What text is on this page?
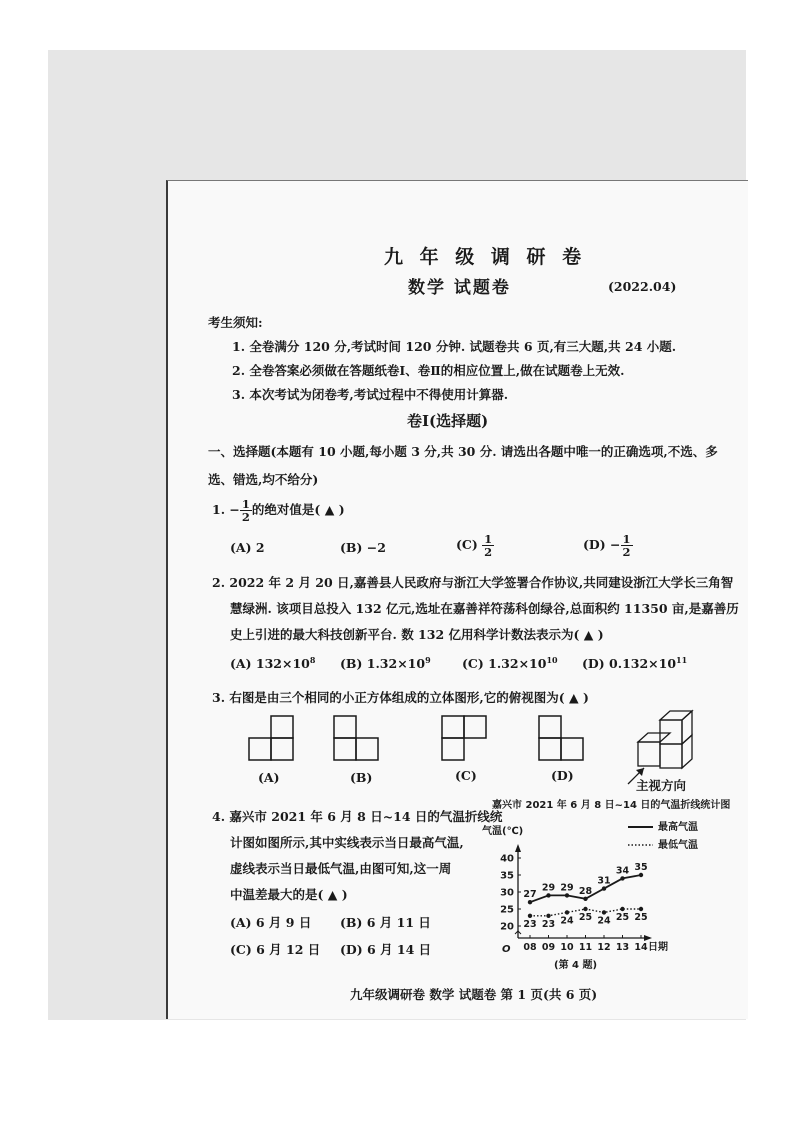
九 年 级 调 研 卷
数学 试题卷	(2022.04)
考生须知:
1. 全卷满分 120 分,考试时间 120 分钟. 试题卷共 6 页,有三大题,共 24 小题.
2. 全卷答案必须做在答题纸卷Ⅰ、卷Ⅱ的相应位置上,做在试题卷上无效.
3. 本次考试为闭卷考,考试过程中不得使用计算器.
卷Ⅰ(选择题)
一、选择题(本题有 10 小题,每小题 3 分,共 30 分. 请选出各题中唯一的正确选项,不选、多
选、错选,均不给分)
1. − $\frac{1}{2}$ 的绝对值是( ▲ )
(A) 2	(B) −2	$(C) \frac{1}{2}$	$(D) - \frac{1}{2}$
2. 2022 年 2 月 20 日,嘉善县人民政府与浙江大学签署合作协议,共同建设浙江大学长三角智
慧绿洲. 该项目总投入 132 亿元,选址在嘉善祥符荡科创绿谷,总面积约 11350 亩,是嘉善历
史上引进的最大科技创新平台. 数 132 亿用科学计数法表示为( ▲ )
(A) $132\times 10^8$ (B) $1.32\times 10^9$	(C) $1.32\times 10^{10}$ (D) $0.132\times 10^{11}$
3. 右图是由三个相同的小正方体组成的立体图形,它的俯视图为( ▲ )
(A)	(B)	(C)	(D)
主视方向
4. 嘉兴市 2021 年 6 月 8 日~14 日的气温折线统
计图如图所示,其中实线表示当日最高气温,
虚线表示当日最低气温,由图可知,这一周
中温差最大的是( ▲ )
(A) 6 月 9 日 (B) 6 月 11 日
(C) 6 月 12 日 (D) 6 月 14 日
嘉兴市 2021 年 6 月 8 日~14 日的气温折线统计图
气温(℃)	最高气温
最低气温
O	日期
(第 4 题)
20
25
30
35
40
08 09 10 11 12 13 14
27
29 29 28
31
34 35
23 23 24 25 24 25 25
九年级调研卷 数学 试题卷 第 1 页(共 6 页)
